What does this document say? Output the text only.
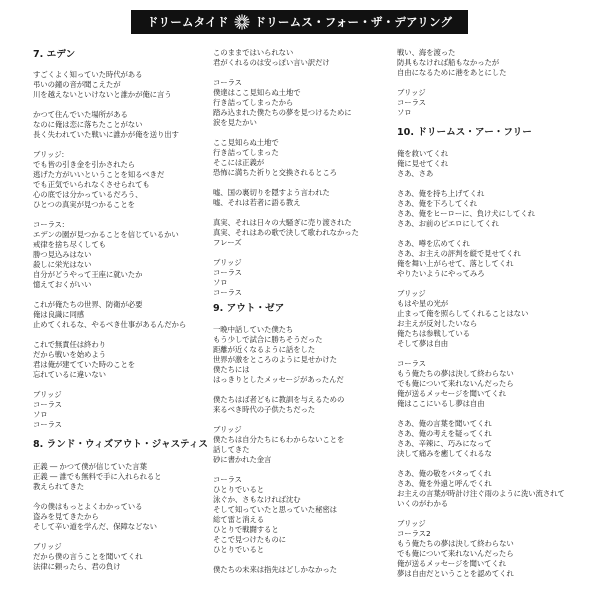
ドリームタイド ドリームス・フォー・ザ・デアリング
7. エデン
すごくよく知っていた時代がある
弔いの鐘の音が聞こえたが
川を越えないといけないと誰かが俺に言う

かつて住んでいた場所がある
なのに俺は恋に落ちたことがない
長く失われていた戦いに誰かが俺を送り出す

ブリッジ:
でも皆の引き金を引かされたら
逃げた方がいいということを知るべきだ
でも正気でいられなくさせられても
心の底では分かっているだろう、
ひとつの真実が見つかることを

コーラス:
エデンの園が見つかることを信じているかい
戒律を捨ち尽くしても
勝つ見込みはない
殺しに栄光はない
自分がどうやって王座に就いたか
憶えておくがいい

これが俺たちの世界、防衛が必要
俺は良識に同感
止めてくれるな、やるべき仕事があるんだから

これで無責任は終わり
だから戦いを始めよう
君は俺が建てていた時のことを
忘れているに違いない

ブリッジ
コーラス
ソロ
コーラス
8. ランド・ウィズアウト・ジャスティス
正義 ― かつて僕が信じていた言葉
正義 ― 誰でも無料で手に入れられると
教えられてきた

今の僕はもっとよくわかっている
盗みを見てきたから
そして辛い道を学んだ、保障などない

ブリッジ
だから僕の言うことを聞いてくれ
法律に頼ったら、君の負け
このままではいられない
君がくれるのは安っぽい言い訳だけ

コーラス
僕達はここ見知らぬ土地で
行き詰ってしまったから
踏み込まれた僕たちの夢を見つけるために
涙を見たかい

ここ見知らぬ土地で
行き詰ってしまった
そこには正義が
恐怖に満ちた祈りと交換されるところ

嘘、国の裏切りを隠すよう言われた
嘘、それは若者に語る教え

真実、それは日々の大騒ぎに売り渡された
真実、それはあの歌で決して歌われなかった
フレーズ

ブリッジ
コーラス
ソロ
コーラス
9. アウト・ゼア
一晩中話していた僕たち
もう少しで試合に勝ちそうだった
距離が近くなるように話をした
世界が激をところのように見せかけた
僕たちには
はっきりとしたメッセージがあったんだ

僕たちはば者どもに教訓を与えるための
来るべき時代の子供たちだった

ブリッジ
僕たちは自分たちにもわからないことを
話してきた
砂に書かれた金言

コーラス
ひとりでいると
泳ぐか、さもなければ沈む
そして知っていたと思っていた秘密は
総て雷と消える
ひとりで戦闘すると
そこで見つけたものに
ひとりでいると

僕たちの未来は指先はどしかなかった
戦い、海を渡った
防具もなければ船もなかったが
自由になるために港をあとにした

ブリッジ
コーラス
ソロ
10. ドリームス・アー・フリー
俺を救いてくれ
俺に見せてくれ
さあ、さあ

さあ、俺を持ち上げてくれ
さあ、俺を下ろしてくれ
さあ、俺をヒーローに、負け犬にしてくれ
さあ、お前のピエロにしてくれ

さあ、噂を広めてくれ
さあ、お主えの評判を縦で見せてくれ
俺を舞い上がらせて、落としてくれ
やりたいようにやってみろ

ブリッジ
もはや星の光が
止まって俺を照らしてくれることはない
お主えが反対したいなら
俺たちは参戦している
そして夢は自由

コーラス
もう俺たちの夢は決して終わらない
でも俺について来れないんだったら
俺が送るメッセージを聞いてくれ
俺はここにいるし夢は自由

さあ、俺の言葉を聞いてくれ
さあ、俺の考えを疑ってくれ
さあ、辛辣に、巧みになって
決して痛みを癒してくれるな

さあ、俺の敬をバタってくれ
さあ、俺を外遠と呼んでくれ
お主えの言葉が時計け注ぐ雨のように洗い流されて
いくのがわかる

ブリッジ
コーラス2
もう俺たちの夢は決して終わらない
でも俺について来れないんだったら
俺が送るメッセージを聞いてくれ
夢は自由だということを認めてくれ
